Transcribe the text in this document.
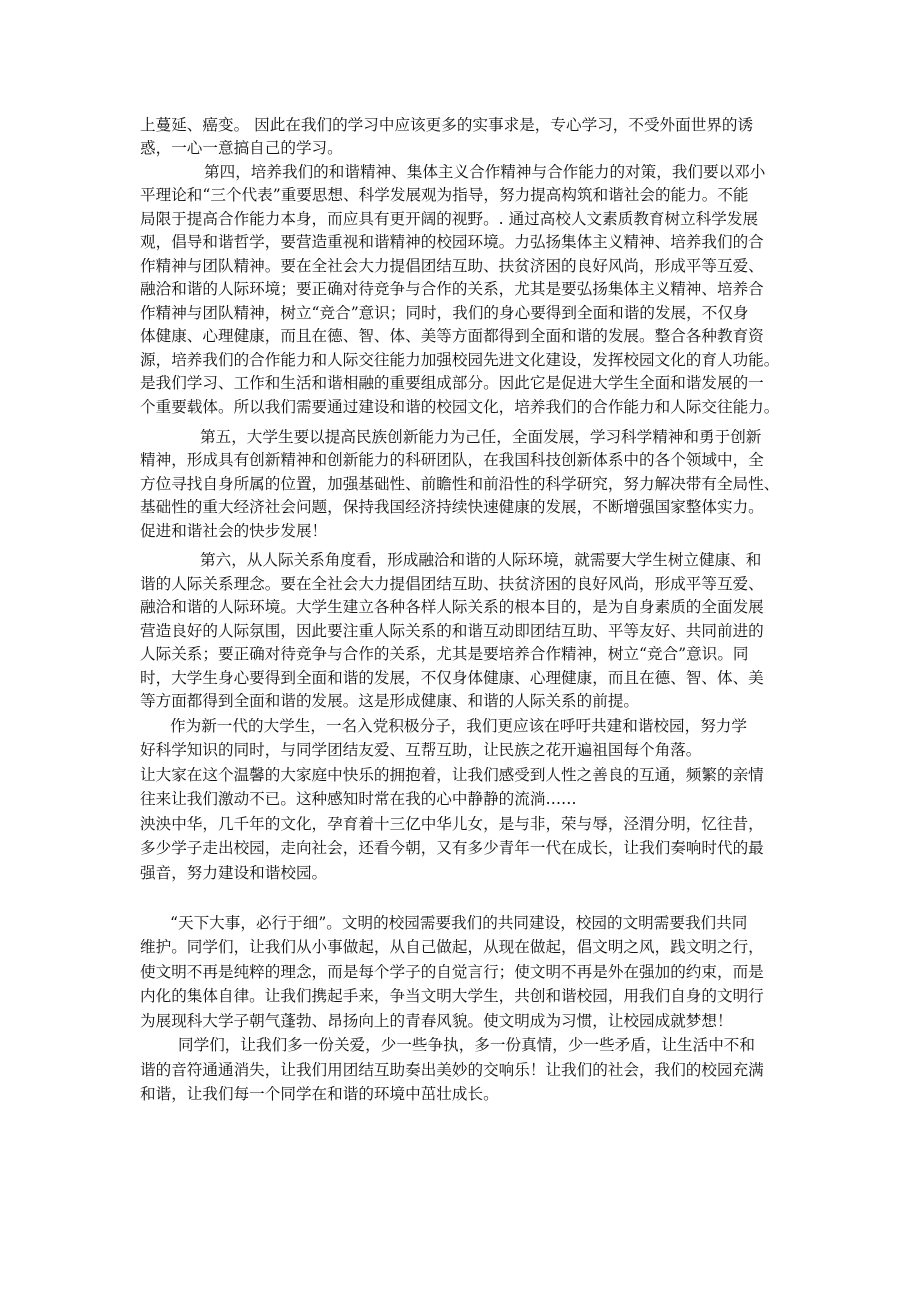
上蔓延、癌变。 因此在我们的学习中应该更多的实事求是，专心学习，不受外面世界的诱

惑，一心一意搞自己的学习。

第四，培养我们的和谐精神、集体主义合作精神与合作能力的对策，我们要以邓小

平理论和“三个代表”重要思想、科学发展观为指导，努力提高构筑和谐社会的能力。不能

局限于提高合作能力本身，而应具有更开阔的视野。. 通过高校人文素质教育树立科学发展

观，倡导和谐哲学，要营造重视和谐精神的校园环境。力弘扬集体主义精神、培养我们的合

作精神与团队精神。要在全社会大力提倡团结互助、扶贫济困的良好风尚，形成平等互爱、

融洽和谐的人际环境；要正确对待竞争与合作的关系，尤其是要弘扬集体主义精神、培养合

作精神与团队精神，树立“竞合”意识；同时，我们的身心要得到全面和谐的发展，不仅身

体健康、心理健康，而且在德、智、体、美等方面都得到全面和谐的发展。整合各种教育资

源，培养我们的合作能力和人际交往能力加强校园先进文化建设，发挥校园文化的育人功能。

是我们学习、工作和生活和谐相融的重要组成部分。因此它是促进大学生全面和谐发展的一

个重要载体。所以我们需要通过建设和谐的校园文化，培养我们的合作能力和人际交往能力。

第五，大学生要以提高民族创新能力为己任，全面发展，学习科学精神和勇于创新

精神，形成具有创新精神和创新能力的科研团队，在我国科技创新体系中的各个领域中，全

方位寻找自身所属的位置，加强基础性、前瞻性和前沿性的科学研究，努力解决带有全局性、

基础性的重大经济社会问题，保持我国经济持续快速健康的发展，不断增强国家整体实力。

促进和谐社会的快步发展！

第六，从人际关系角度看，形成融洽和谐的人际环境，就需要大学生树立健康、和

谐的人际关系理念。要在全社会大力提倡团结互助、扶贫济困的良好风尚，形成平等互爱、

融洽和谐的人际环境。大学生建立各种各样人际关系的根本目的，是为自身素质的全面发展

营造良好的人际氛围，因此要注重人际关系的和谐互动即团结互助、平等友好、共同前进的

人际关系；要正确对待竞争与合作的关系，尤其是要培养合作精神，树立“竞合”意识。同

时，大学生身心要得到全面和谐的发展，不仅身体健康、心理健康，而且在德、智、体、美

等方面都得到全面和谐的发展。这是形成健康、和谐的人际关系的前提。

作为新一代的大学生，一名入党积极分子，我们更应该在呼吁共建和谐校园，努力学

好科学知识的同时，与同学团结友爱、互帮互助，让民族之花开遍祖国每个角落。

让大家在这个温馨的大家庭中快乐的拥抱着，让我们感受到人性之善良的互通，频繁的亲情

往来让我们激动不已。这种感知时常在我的心中静静的流淌……

泱泱中华，几千年的文化，孕育着十三亿中华儿女，是与非，荣与辱，泾渭分明，忆往昔，

多少学子走出校园，走向社会，还看今朝，又有多少青年一代在成长，让我们奏响时代的最

强音，努力建设和谐校园。

“天下大事，必行于细”。文明的校园需要我们的共同建设，校园的文明需要我们共同

维护。同学们，让我们从小事做起，从自己做起，从现在做起，倡文明之风，践文明之行，

使文明不再是纯粹的理念，而是每个学子的自觉言行；使文明不再是外在强加的约束，而是

内化的集体自律。让我们携起手来，争当文明大学生，共创和谐校园，用我们自身的文明行

为展现科大学子朝气蓬勃、昂扬向上的青春风貌。使文明成为习惯，让校园成就梦想！

同学们，让我们多一份关爱，少一些争执，多一份真情，少一些矛盾，让生活中不和

谐的音符通通消失，让我们用团结互助奏出美妙的交响乐！让我们的社会，我们的校园充满

和谐，让我们每一个同学在和谐的环境中茁壮成长。
